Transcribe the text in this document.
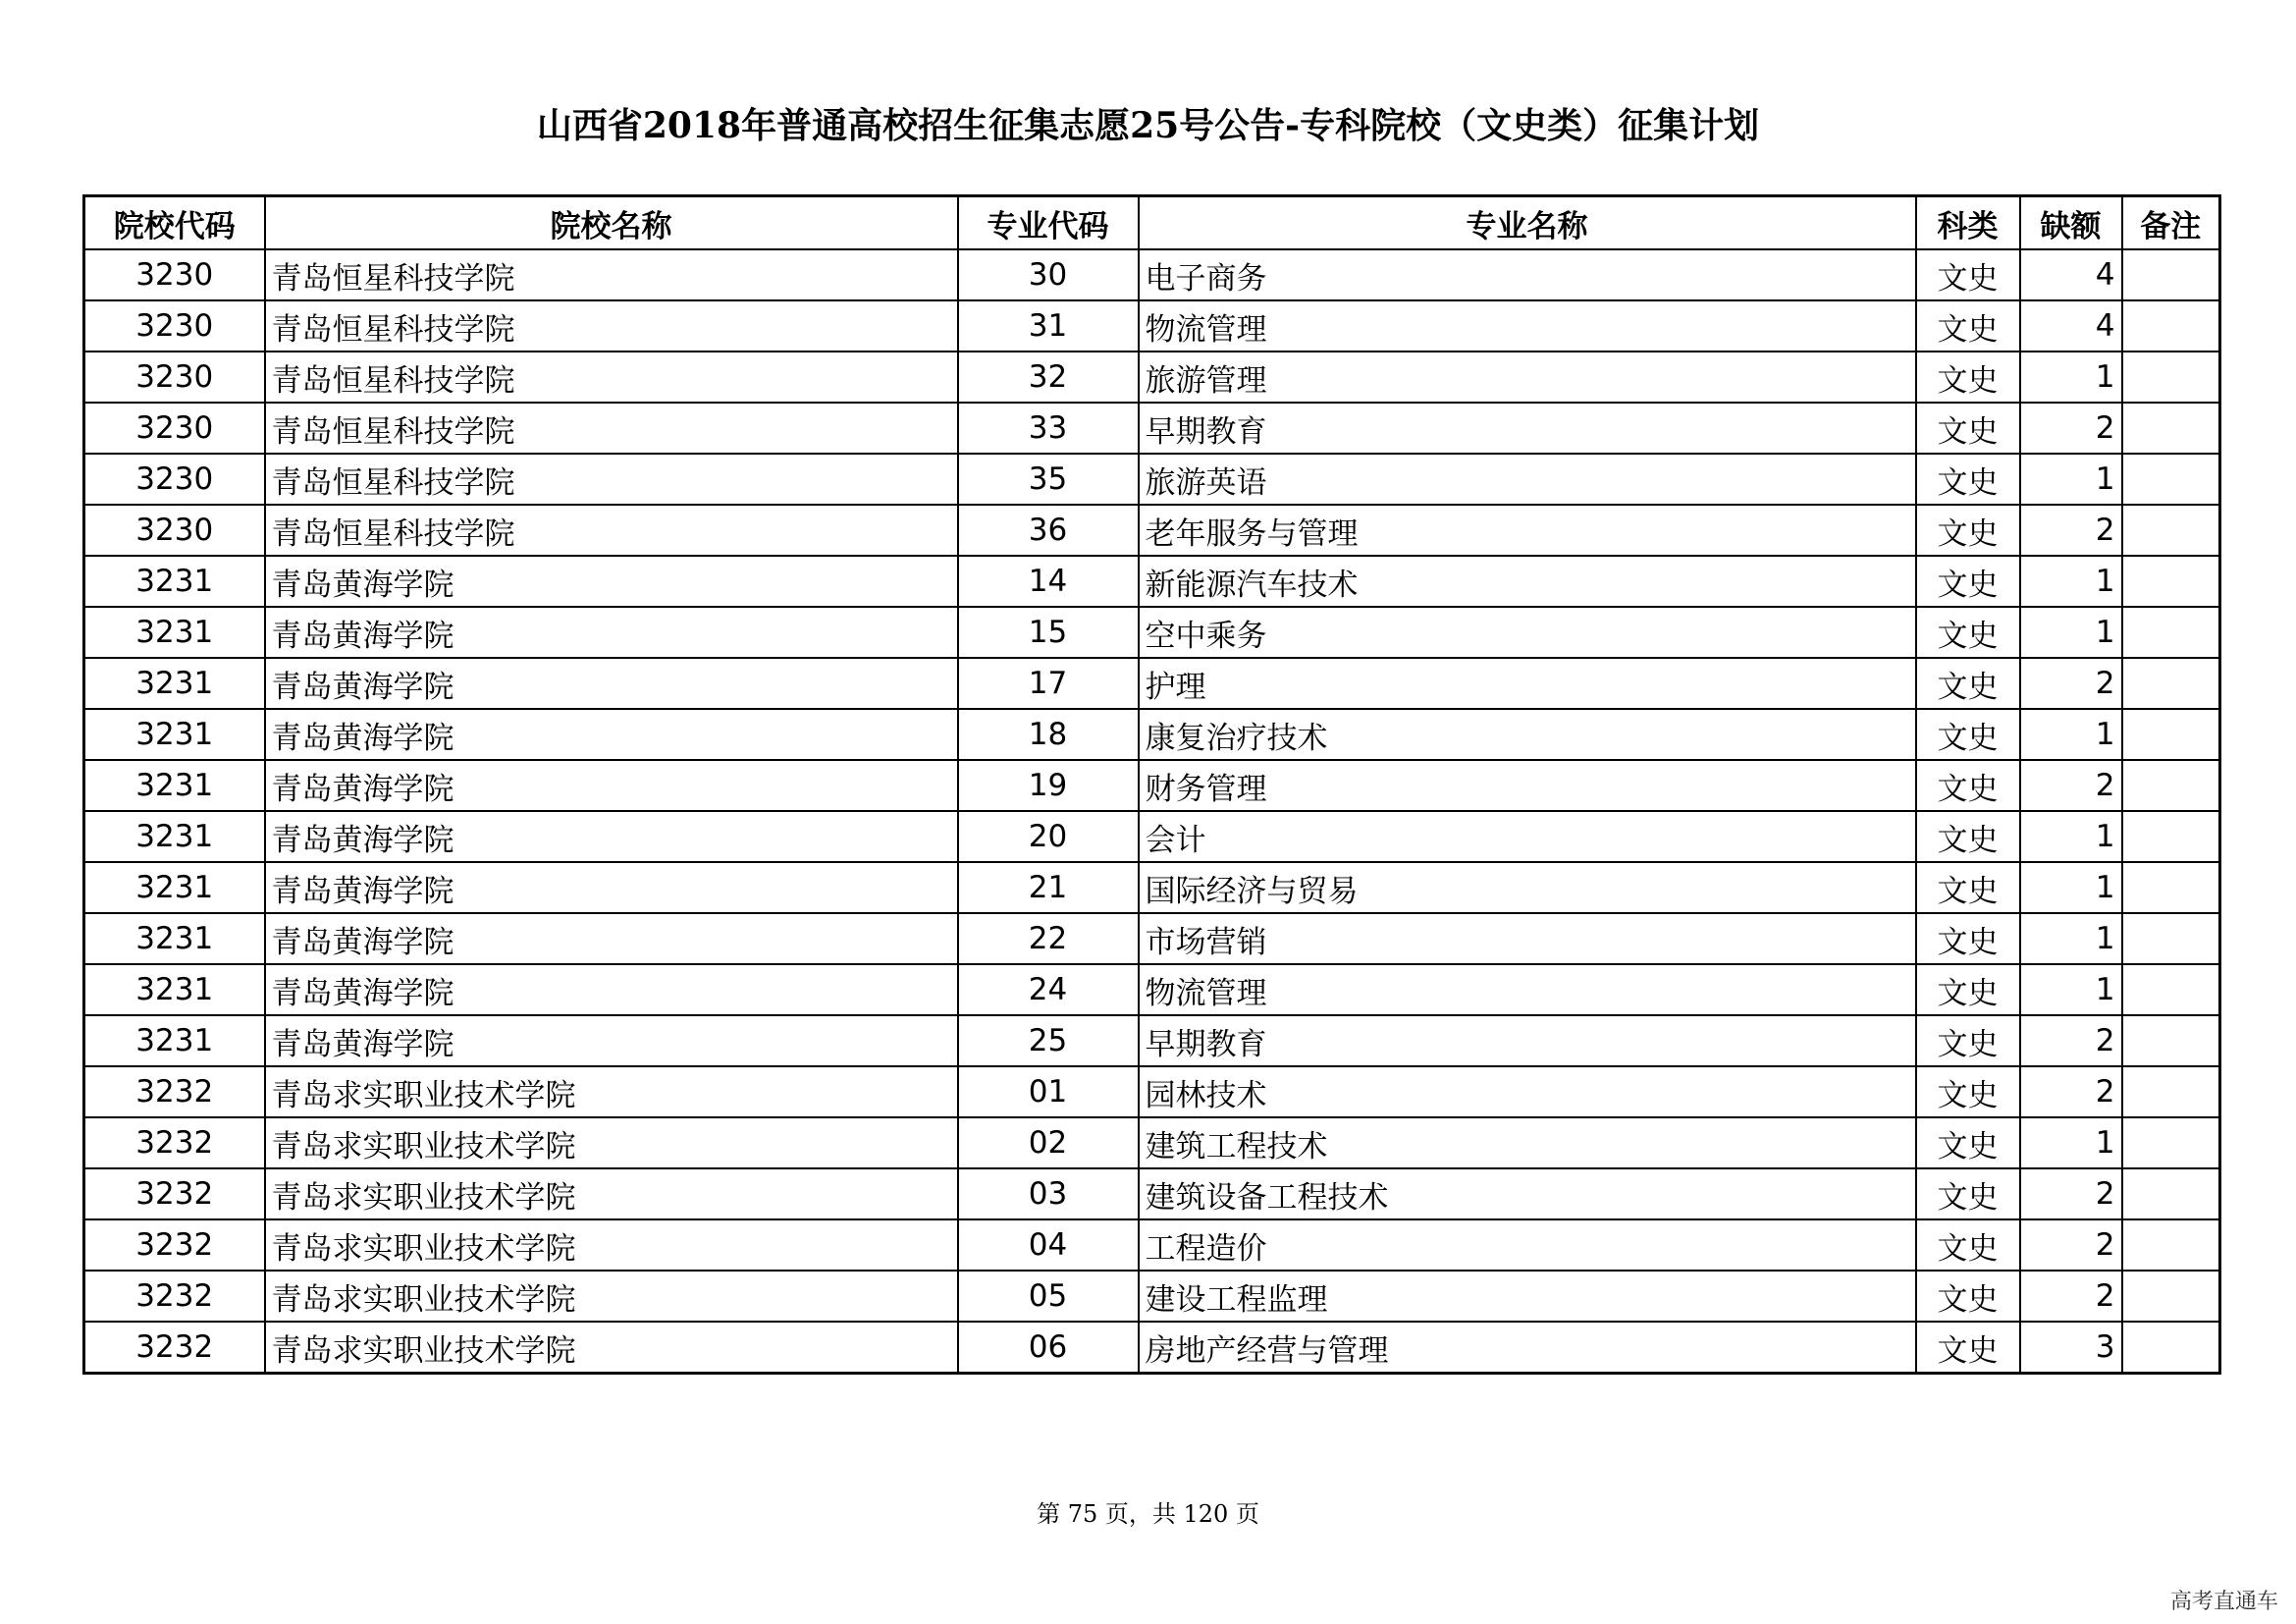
山西省2018年普通高校招生征集志愿25号公告-专科院校（文史类）征集计划
院校代码	院校名称	专业代码	专业名称	科类	缺额	备注
3230	青岛恒星科技学院	30	电子商务	文史	4	
3230	青岛恒星科技学院	31	物流管理	文史	4	
3230	青岛恒星科技学院	32	旅游管理	文史	1	
3230	青岛恒星科技学院	33	早期教育	文史	2	
3230	青岛恒星科技学院	35	旅游英语	文史	1	
3230	青岛恒星科技学院	36	老年服务与管理	文史	2	
3231	青岛黄海学院	14	新能源汽车技术	文史	1	
3231	青岛黄海学院	15	空中乘务	文史	1	
3231	青岛黄海学院	17	护理	文史	2	
3231	青岛黄海学院	18	康复治疗技术	文史	1	
3231	青岛黄海学院	19	财务管理	文史	2	
3231	青岛黄海学院	20	会计	文史	1	
3231	青岛黄海学院	21	国际经济与贸易	文史	1	
3231	青岛黄海学院	22	市场营销	文史	1	
3231	青岛黄海学院	24	物流管理	文史	1	
3231	青岛黄海学院	25	早期教育	文史	2	
3232	青岛求实职业技术学院	01	园林技术	文史	2	
3232	青岛求实职业技术学院	02	建筑工程技术	文史	1	
3232	青岛求实职业技术学院	03	建筑设备工程技术	文史	2	
3232	青岛求实职业技术学院	04	工程造价	文史	2	
3232	青岛求实职业技术学院	05	建设工程监理	文史	2	
3232	青岛求实职业技术学院	06	房地产经营与管理	文史	3	
第 75 页，共 120 页
高考直通车
